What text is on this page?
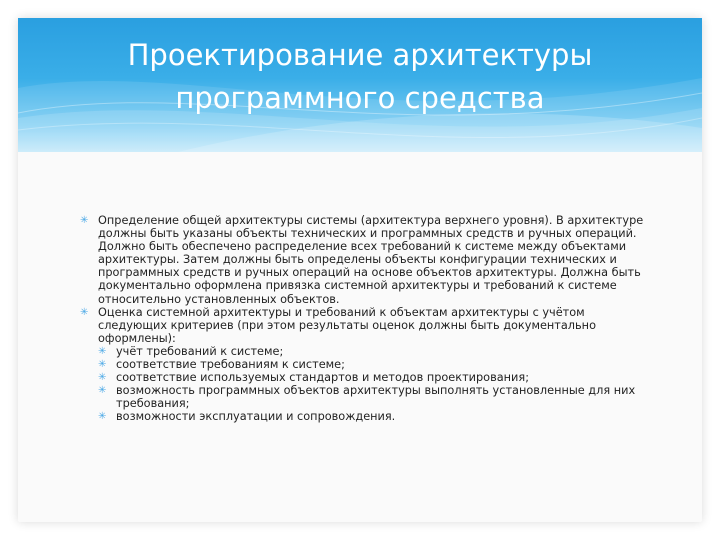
Проектирование архитектуры
программного средства
✳ Определение общей архитектуры системы (архитектура верхнего уровня). В архитектуре должны быть указаны объекты технических и программных средств и ручных операций. Должно быть обеспечено распределение всех требований к системе между объектами архитектуры. Затем должны быть определены объекты конфигурации технических и программных средств и ручных операций на основе объектов архитектуры. Должна быть документально оформлена привязка системной архитектуры и требований к системе относительно установленных объектов.
✳ Оценка системной архитектуры и требований к объектам архитектуры с учётом следующих критериев (при этом результаты оценок должны быть документально оформлены):
✳ учёт требований к системе;
✳ соответствие требованиям к системе;
✳ соответствие используемых стандартов и методов проектирования;
✳ возможность программных объектов архитектуры выполнять установленные для них требования;
✳ возможности эксплуатации и сопровождения.
